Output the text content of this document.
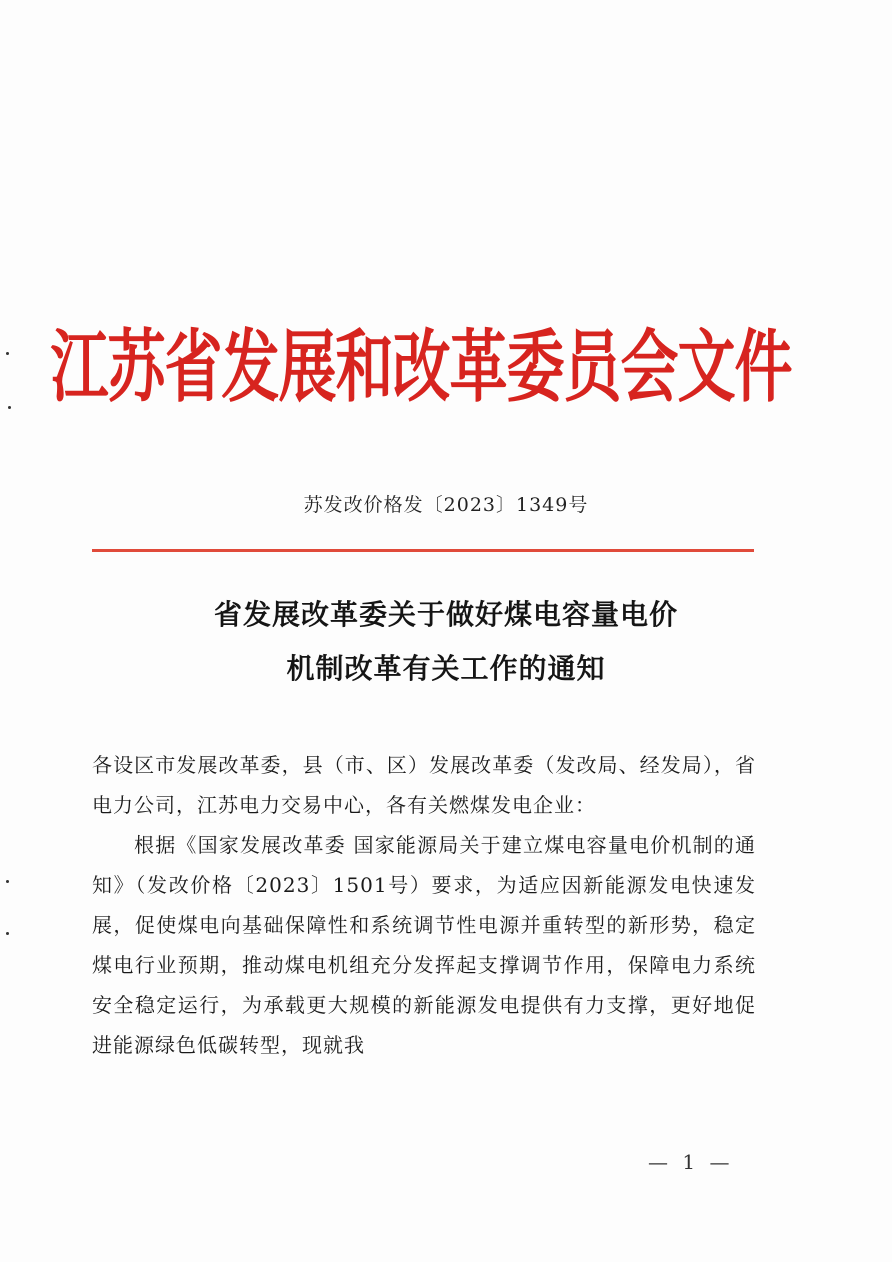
江苏省发展和改革委员会文件
苏发改价格发〔2023〕1349号
省发展改革委关于做好煤电容量电价
机制改革有关工作的通知

各设区市发展改革委，县（市、区）发展改革委（发改局、经发局），省电力公司，江苏电力交易中心，各有关燃煤发电企业：

根据《国家发展改革委 国家能源局关于建立煤电容量电价机制的通知》（发改价格〔2023〕1501号）要求，为适应因新能源发电快速发展，促使煤电向基础保障性和系统调节性电源并重转型的新形势，稳定煤电行业预期，推动煤电机组充分发挥起支撑调节作用，保障电力系统安全稳定运行，为承载更大规模的新能源发电提供有力支撑，更好地促进能源绿色低碳转型，现就我

— 1 —
